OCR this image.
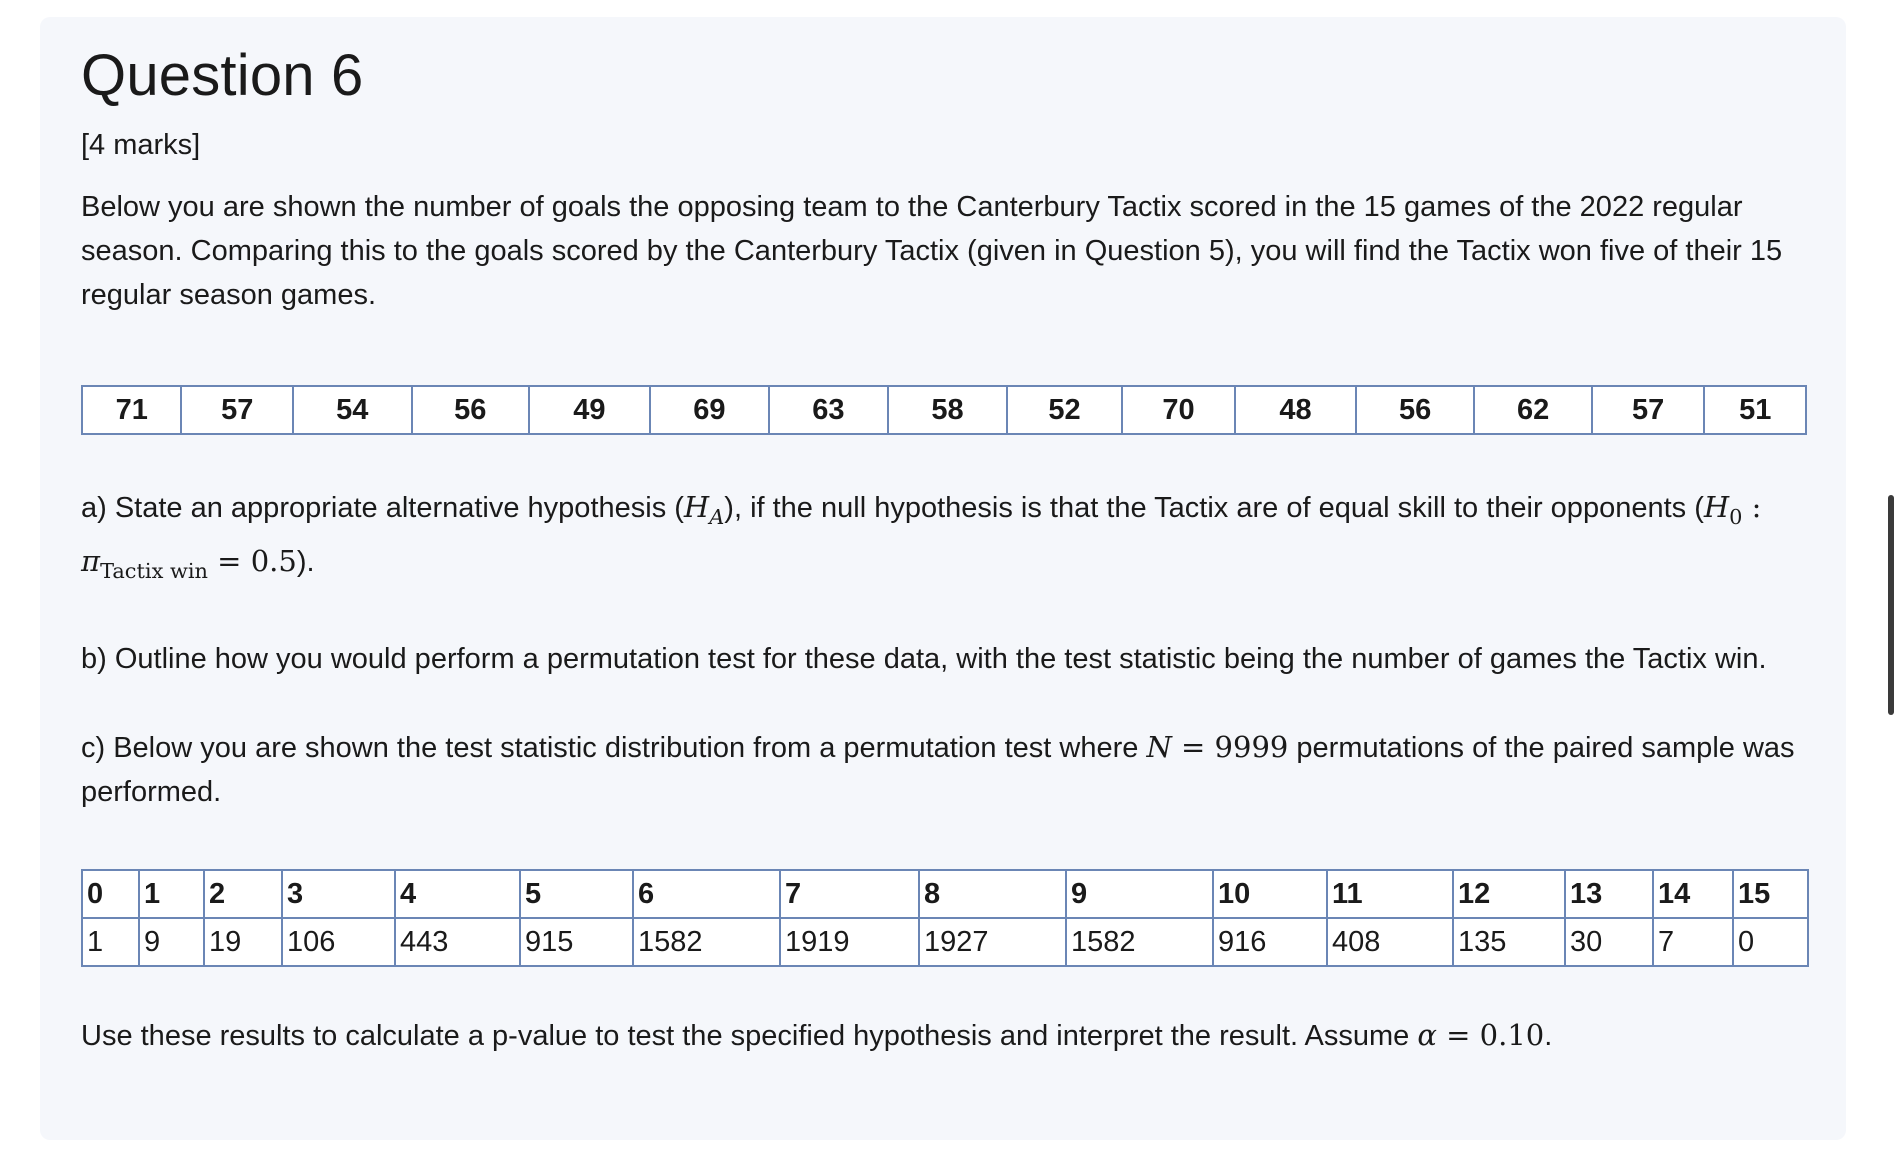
Question 6
[4 marks]

Below you are shown the number of goals the opposing team to the Canterbury Tactix scored in the 15 games of the 2022 regular season. Comparing this to the goals scored by the Canterbury Tactix (given in Question 5), you will find the Tactix won five of their 15 regular season games.

71	57	54	56	49	69	63	58	52	70	48	56	62	57	51

a) State an appropriate alternative hypothesis $(H_A)$, if the null hypothesis is that the Tactix are of equal skill to their opponents ($H_0$ : $\pi_{Tactix win} = 0.5$).

b) Outline how you would perform a permutation test for these data, with the test statistic being the number of games the Tactix win.

c) Below you are shown the test statistic distribution from a permutation test where N = 9999 permutations of the paired sample was performed.

0	1	2	3	4	5	6	7	8	9	10	11	12	13	14	15
1	9	19	106	443	915	1582	1919	1927	1582	916	408	135	30	7	0

Use these results to calculate a p-value to test the specified hypothesis and interpret the result. Assume α = 0.10.
